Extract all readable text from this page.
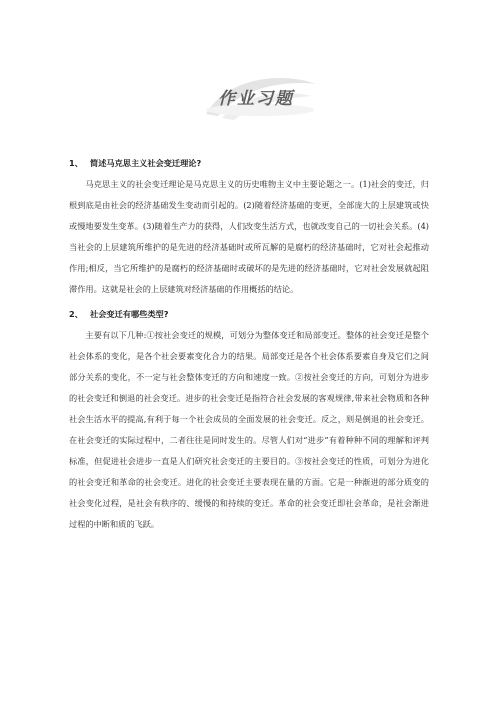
作业习题

1、 简述马克思主义社会变迁理论?

马克思主义的社会变迁理论是马克思主义的历史唯物主义中主要论题之一。(1)社会的变迁，归根到底是由社会的经济基础发生变动而引起的。(2)随着经济基础的变更，全部庞大的上层建筑或快或慢地要发生变革。(3)随着生产力的获得，人们改变生活方式，也就改变自己的一切社会关系。(4)当社会的上层建筑所维护的是先进的经济基础时或所瓦解的是腐朽的经济基础时，它对社会起推动作用;相反，当它所维护的是腐朽的经济基础时或破坏的是先进的经济基础时，它对社会发展就起阻滞作用。这就是社会的上层建筑对经济基础的作用概括的结论。

2、 社会变迁有哪些类型?

主要有以下几种:①按社会变迁的规模，可划分为整体变迁和局部变迁。整体的社会变迁是整个社会体系的变化，是各个社会要素变化合力的结果。局部变迁是各个社会体系要素自身及它们之间部分关系的变化，不一定与社会整体变迁的方向和速度一致。②按社会变迁的方向，可划分为进步的社会变迁和倒退的社会变迁。进步的社会变迁是指符合社会发展的客观规律,带来社会物质和各种社会生活水平的提高,有利于每一个社会成员的全面发展的社会变迁。反之，则是倒退的社会变迁。在社会变迁的实际过程中，二者往往是同时发生的。尽管人们对“进步”有着种种不同的理解和评判标准，但促进社会进步一直是人们研究社会变迁的主要目的。③按社会变迁的性质，可划分为进化的社会变迁和革命的社会变迁。进化的社会变迁主要表现在量的方面。它是一种渐进的部分质变的社会变化过程，是社会有秩序的、缓慢的和持续的变迁。革命的社会变迁即社会革命，是社会渐进过程的中断和质的飞跃。
